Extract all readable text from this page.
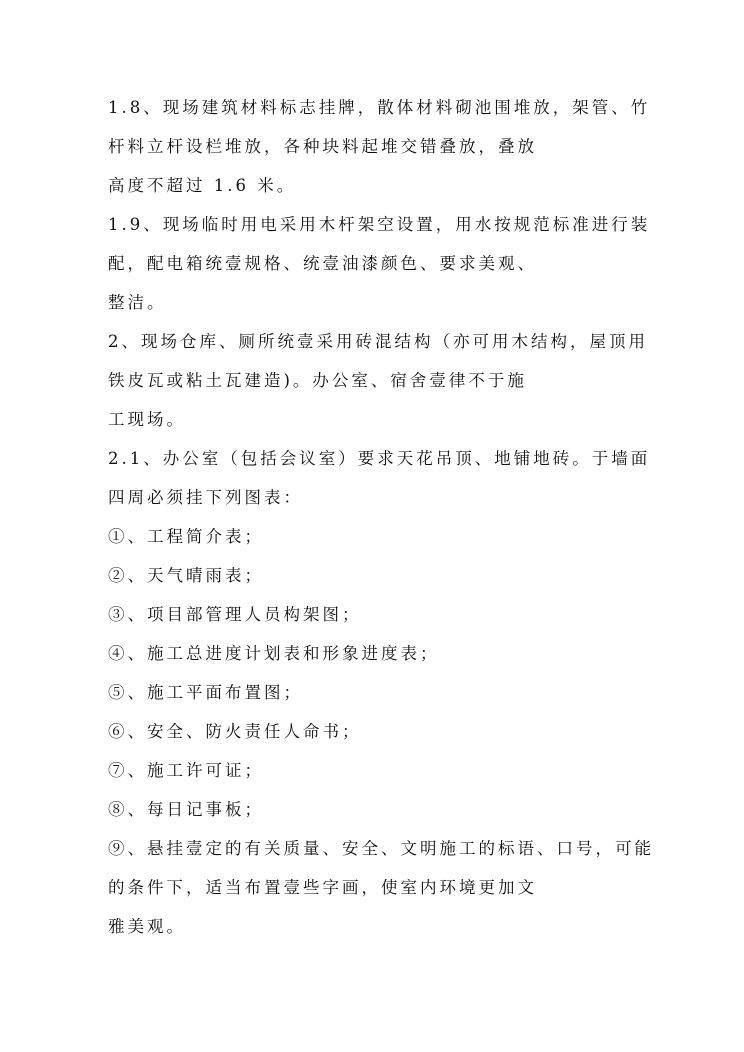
1.8、现场建筑材料标志挂牌，散体材料砌池围堆放，架管、竹
杆料立杆设栏堆放，各种块料起堆交错叠放，叠放
高度不超过 1.6 米。
1.9、现场临时用电采用木杆架空设置，用水按规范标准进行装
配，配电箱统壹规格、统壹油漆颜色、要求美观、
整洁。
2、现场仓库、厕所统壹采用砖混结构（亦可用木结构，屋顶用
铁皮瓦或粘土瓦建造)。办公室、宿舍壹律不于施
工现场。
2.1、办公室（包括会议室）要求天花吊顶、地铺地砖。于墙面
四周必须挂下列图表：
①、工程简介表；
②、天气晴雨表；
③、项目部管理人员构架图；
④、施工总进度计划表和形象进度表；
⑤、施工平面布置图；
⑥、安全、防火责任人命书；
⑦、施工许可证；
⑧、每日记事板；
⑨、悬挂壹定的有关质量、安全、文明施工的标语、口号，可能
的条件下，适当布置壹些字画，使室内环境更加文
雅美观。
